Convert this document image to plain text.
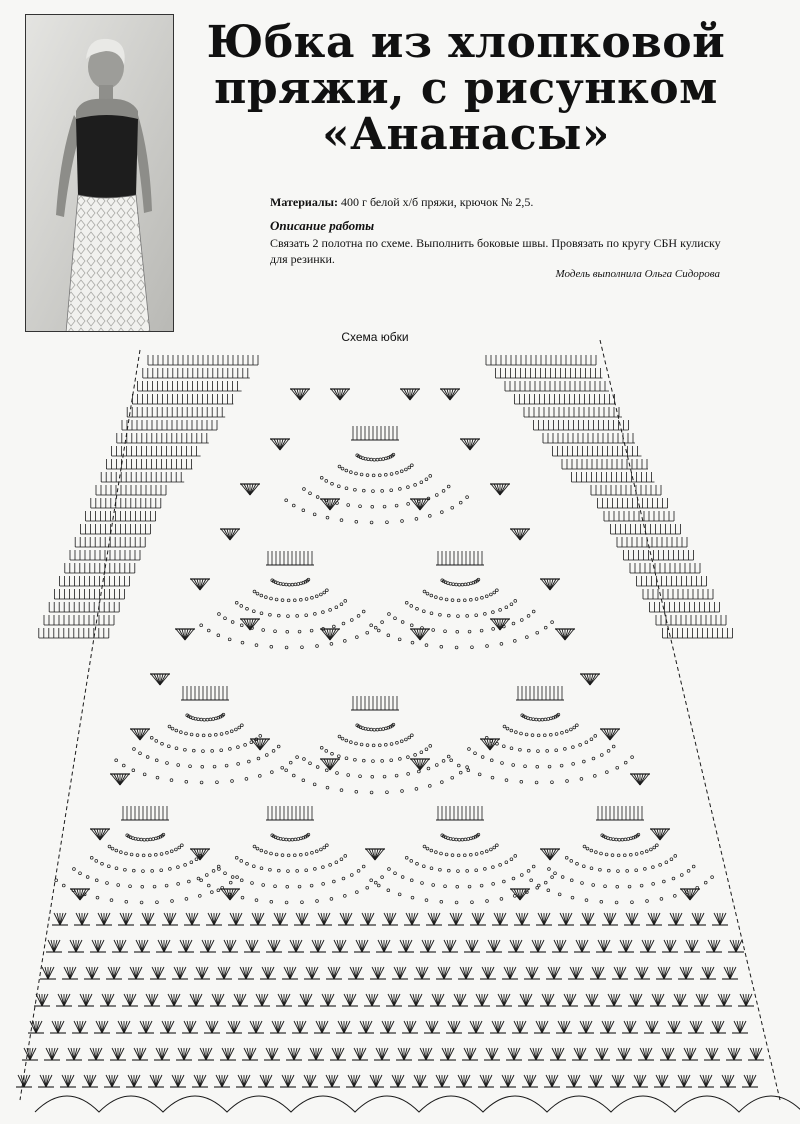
Юбка из хлопковой
пряжи, с рисунком
«Ананасы»
Материалы: 400 г белой х/б пряжи, крючок № 2,5.
Описание работы
Связать 2 полотна по схеме. Выполнить боковые швы. Провязать по кругу СБН кулиску для резинки.
Модель выполнила Ольга Сидорова
Схема юбки
